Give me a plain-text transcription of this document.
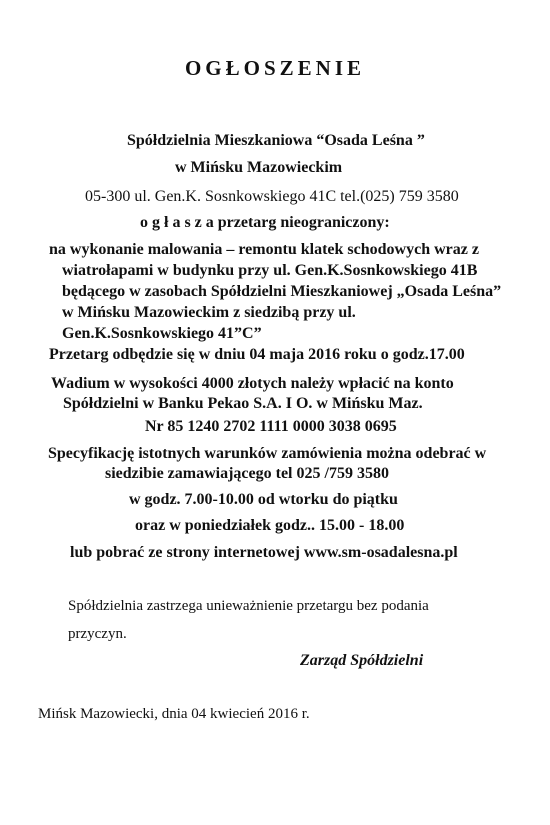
OGŁOSZENIE
Spółdzielnia Mieszkaniowa “Osada Leśna ”
w Mińsku Mazowieckim
05-300 ul. Gen.K. Sosnkowskiego 41C tel.(025) 759 3580
o g ł a s z a przetarg nieograniczony:
na wykonanie malowania – remontu klatek schodowych wraz z
wiatrołapami w budynku przy ul. Gen.K.Sosnkowskiego 41B
będącego w zasobach Spółdzielni Mieszkaniowej „Osada Leśna”
w Mińsku Mazowieckim z siedzibą przy ul.
Gen.K.Sosnkowskiego 41”C”
Przetarg odbędzie się w dniu 04 maja 2016 roku o godz.17.00
Wadium w wysokości 4000 złotych należy wpłacić na konto
Spółdzielni w Banku Pekao S.A. I O. w Mińsku Maz.
Nr 85 1240 2702 1111 0000 3038 0695
Specyfikację istotnych warunków zamówienia można odebrać w
siedzibie zamawiającego tel 025 /759 3580
w godz. 7.00-10.00 od wtorku do piątku
oraz w poniedziałek godz.. 15.00 - 18.00
lub pobrać ze strony internetowej www.sm-osadalesna.pl
Spółdzielnia zastrzega unieważnienie przetargu bez podania
przyczyn.
Zarząd Spółdzielni
Mińsk Mazowiecki, dnia 04 kwiecień 2016 r.
